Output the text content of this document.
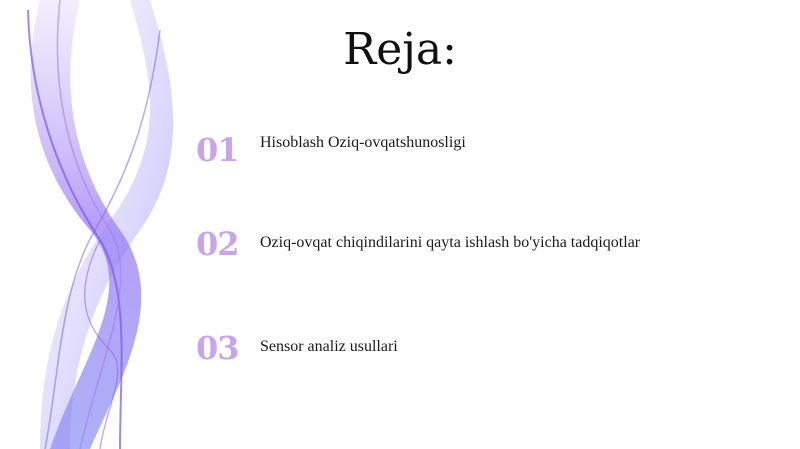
Reja:
01	Hisoblash Oziq-ovqatshunosligi
02	Oziq-ovqat chiqindilarini qayta ishlash bo'yicha tadqiqotlar
03	Sensor analiz usullari
